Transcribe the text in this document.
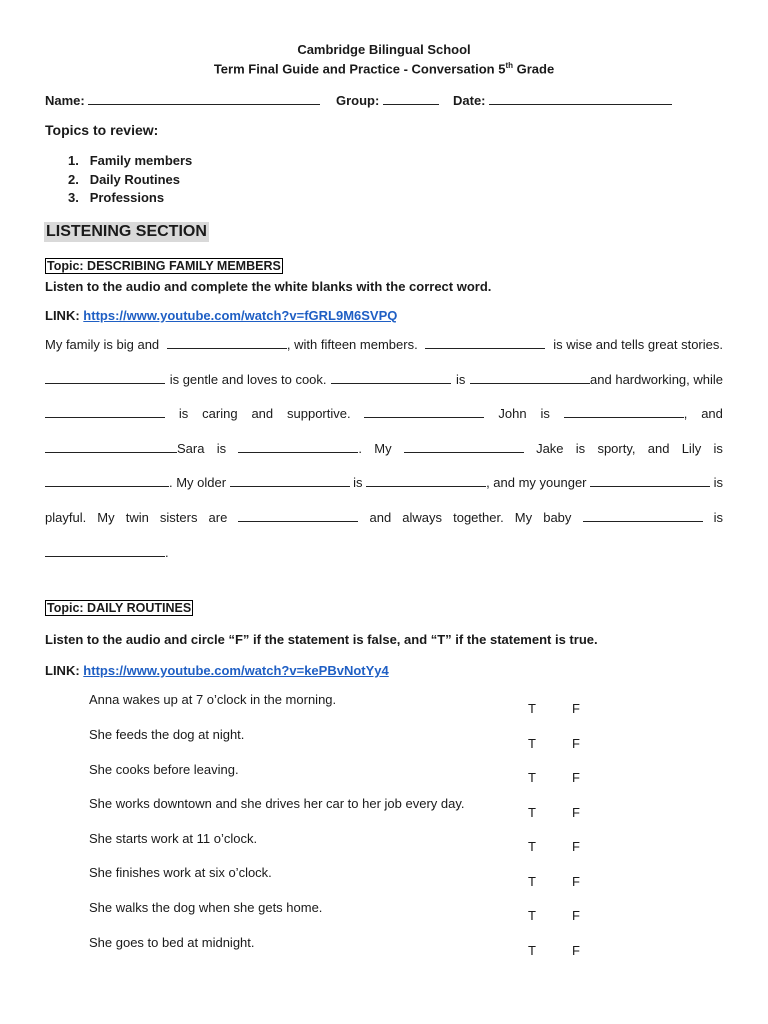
Cambridge Bilingual School
Term Final Guide and Practice - Conversation 5th Grade
Name:	Group:	Date:
Topics to review:
1. Family members
2. Daily Routines
3. Professions
LISTENING SECTION
Topic: DESCRIBING FAMILY MEMBERS
Listen to the audio and complete the white blanks with the correct word.
LINK: https://www.youtube.com/watch?v=fGRL9M6SVPQ
My family is big and	, with fifteen members.	is wise and tells great stories.
is gentle and loves to cook.	is	and hardworking, while
is caring and supportive.	John is	, and
Sara is	. My	Jake is sporty, and Lily is
. My older	is	, and my younger	is
playful. My twin sisters are	and always together. My baby	is
.
Topic: DAILY ROUTINES
Listen to the audio and circle “F” if the statement is false, and “T” if the statement is true.
LINK: https://www.youtube.com/watch?v=kePBvNotYy4
Anna wakes up at 7 o’clock in the morning.
T	F
She feeds the dog at night.
T	F
She cooks before leaving.
T	F
She works downtown and she drives her car to her job every day.
T	F
She starts work at 11 o’clock.
T	F
She finishes work at six o’clock.
T	F
She walks the dog when she gets home.
T	F
She goes to bed at midnight.
T	F
